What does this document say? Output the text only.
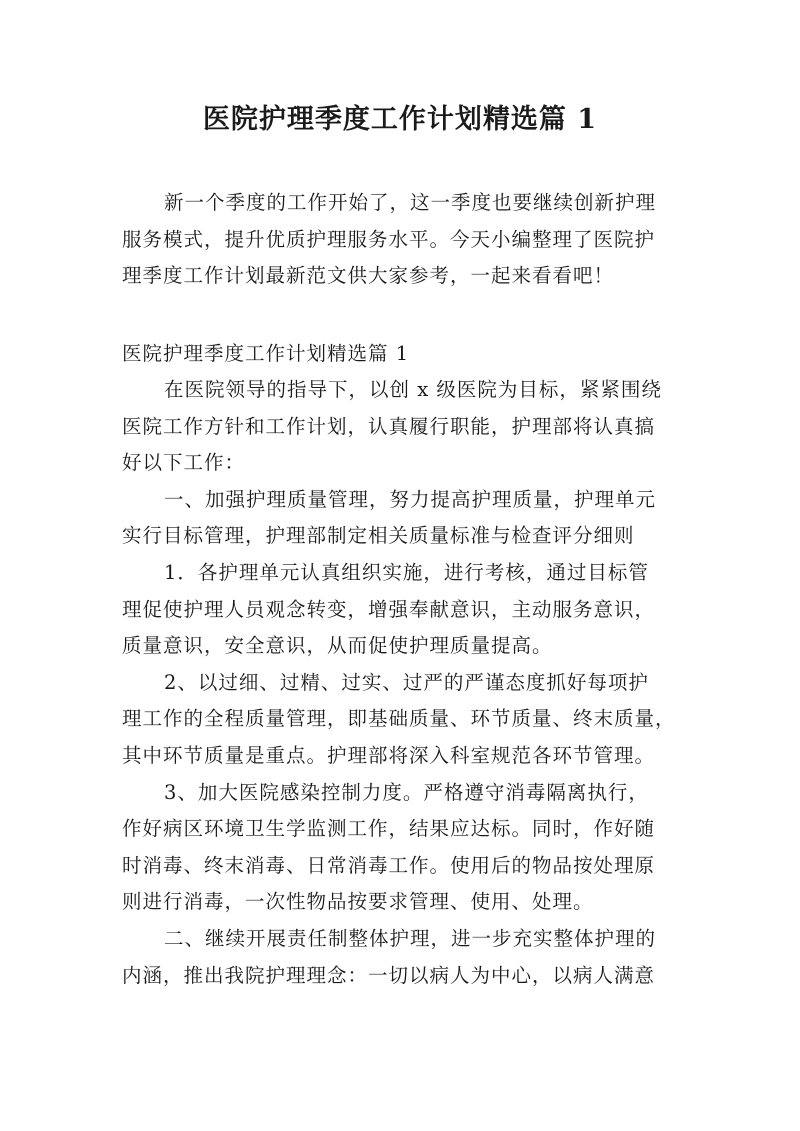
医院护理季度工作计划精选篇 1
新一个季度的工作开始了，这一季度也要继续创新护理
服务模式，提升优质护理服务水平。今天小编整理了医院护
理季度工作计划最新范文供大家参考，一起来看看吧！
医院护理季度工作计划精选篇 1
在医院领导的指导下，以创 x 级医院为目标，紧紧围绕
医院工作方针和工作计划，认真履行职能，护理部将认真搞
好以下工作：
一、加强护理质量管理，努力提高护理质量，护理单元
实行目标管理，护理部制定相关质量标准与检查评分细则
1．各护理单元认真组织实施，进行考核，通过目标管
理促使护理人员观念转变，增强奉献意识，主动服务意识，
质量意识，安全意识，从而促使护理质量提高。
2、以过细、过精、过实、过严的严谨态度抓好每项护
理工作的全程质量管理，即基础质量、环节质量、终末质量，
其中环节质量是重点。护理部将深入科室规范各环节管理。
3、加大医院感染控制力度。严格遵守消毒隔离执行，
作好病区环境卫生学监测工作，结果应达标。同时，作好随
时消毒、终末消毒、日常消毒工作。使用后的物品按处理原
则进行消毒，一次性物品按要求管理、使用、处理。
二、继续开展责任制整体护理，进一步充实整体护理的
内涵，推出我院护理理念：一切以病人为中心，以病人满意
